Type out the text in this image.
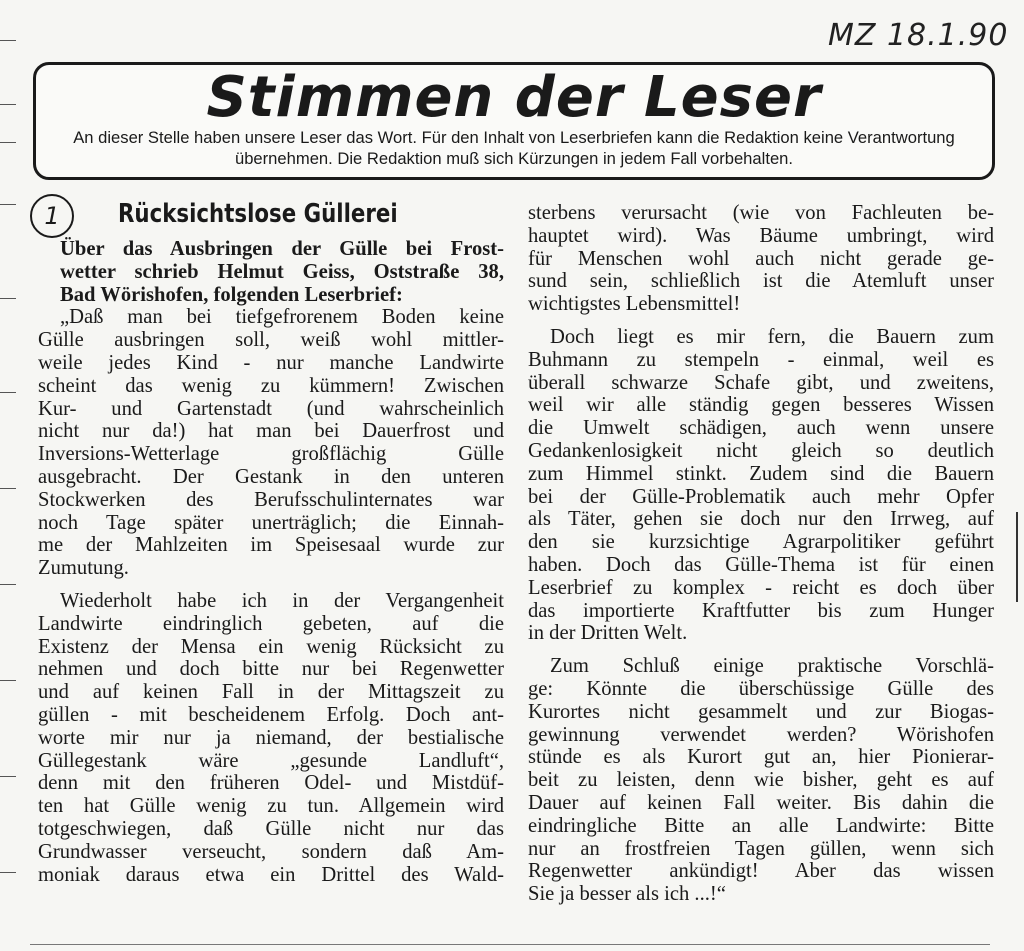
MZ 18.1.90
Stimmen der Leser

An dieser Stelle haben unsere Leser das Wort. Für den Inhalt von Leserbriefen kann die Redaktion keine Verantwortung übernehmen. Die Redaktion muß sich Kürzungen in jedem Fall vorbehalten.

1	Rücksichtslose Güllerei

Über das Ausbringen der Gülle bei Frost-
wetter schrieb Helmut Geiss, Oststraße 38,
Bad Wörishofen, folgenden Leserbrief:

„Daß man bei tiefgefrorenem Boden keine

Gülle ausbringen soll, weiß wohl mittler-
weile jedes Kind - nur manche Landwirte
scheint das wenig zu kümmern! Zwischen
Kur- und Gartenstadt (und wahrscheinlich
nicht nur da!) hat man bei Dauerfrost und
Inversions-Wetterlage großflächig Gülle
ausgebracht. Der Gestank in den unteren
Stockwerken des Berufsschulinternates war
noch Tage später unerträglich; die Einnah-
me der Mahlzeiten im Speisesaal wurde zur
Zumutung.

Wiederholt habe ich in der Vergangenheit
Landwirte eindringlich gebeten, auf die
Existenz der Mensa ein wenig Rücksicht zu
nehmen und doch bitte nur bei Regenwetter
und auf keinen Fall in der Mittagszeit zu
güllen - mit bescheidenem Erfolg. Doch ant-
worte mir nur ja niemand, der bestialische
Güllegestank wäre „gesunde Landluft“,
denn mit den früheren Odel- und Mistdüf-
ten hat Gülle wenig zu tun. Allgemein wird
totgeschwiegen, daß Gülle nicht nur das
Grundwasser verseucht, sondern daß Am-
moniak daraus etwa ein Drittel des Wald-

sterbens verursacht (wie von Fachleuten be-
hauptet wird). Was Bäume umbringt, wird
für Menschen wohl auch nicht gerade ge-
sund sein, schließlich ist die Atemluft unser
wichtigstes Lebensmittel!

Doch liegt es mir fern, die Bauern zum
Buhmann zu stempeln - einmal, weil es
überall schwarze Schafe gibt, und zweitens,
weil wir alle ständig gegen besseres Wissen
die Umwelt schädigen, auch wenn unsere
Gedankenlosigkeit nicht gleich so deutlich
zum Himmel stinkt. Zudem sind die Bauern
bei der Gülle-Problematik auch mehr Opfer
als Täter, gehen sie doch nur den Irrweg, auf
den sie kurzsichtige Agrarpolitiker geführt
haben. Doch das Gülle-Thema ist für einen
Leserbrief zu komplex - reicht es doch über
das importierte Kraftfutter bis zum Hunger
in der Dritten Welt.

Zum Schluß einige praktische Vorschlä-
ge: Könnte die überschüssige Gülle des
Kurortes nicht gesammelt und zur Biogas-
gewinnung verwendet werden? Wörishofen
stünde es als Kurort gut an, hier Pionierar-
beit zu leisten, denn wie bisher, geht es auf
Dauer auf keinen Fall weiter. Bis dahin die
eindringliche Bitte an alle Landwirte: Bitte
nur an frostfreien Tagen güllen, wenn sich
Regenwetter ankündigt! Aber das wissen
Sie ja besser als ich ...!“
